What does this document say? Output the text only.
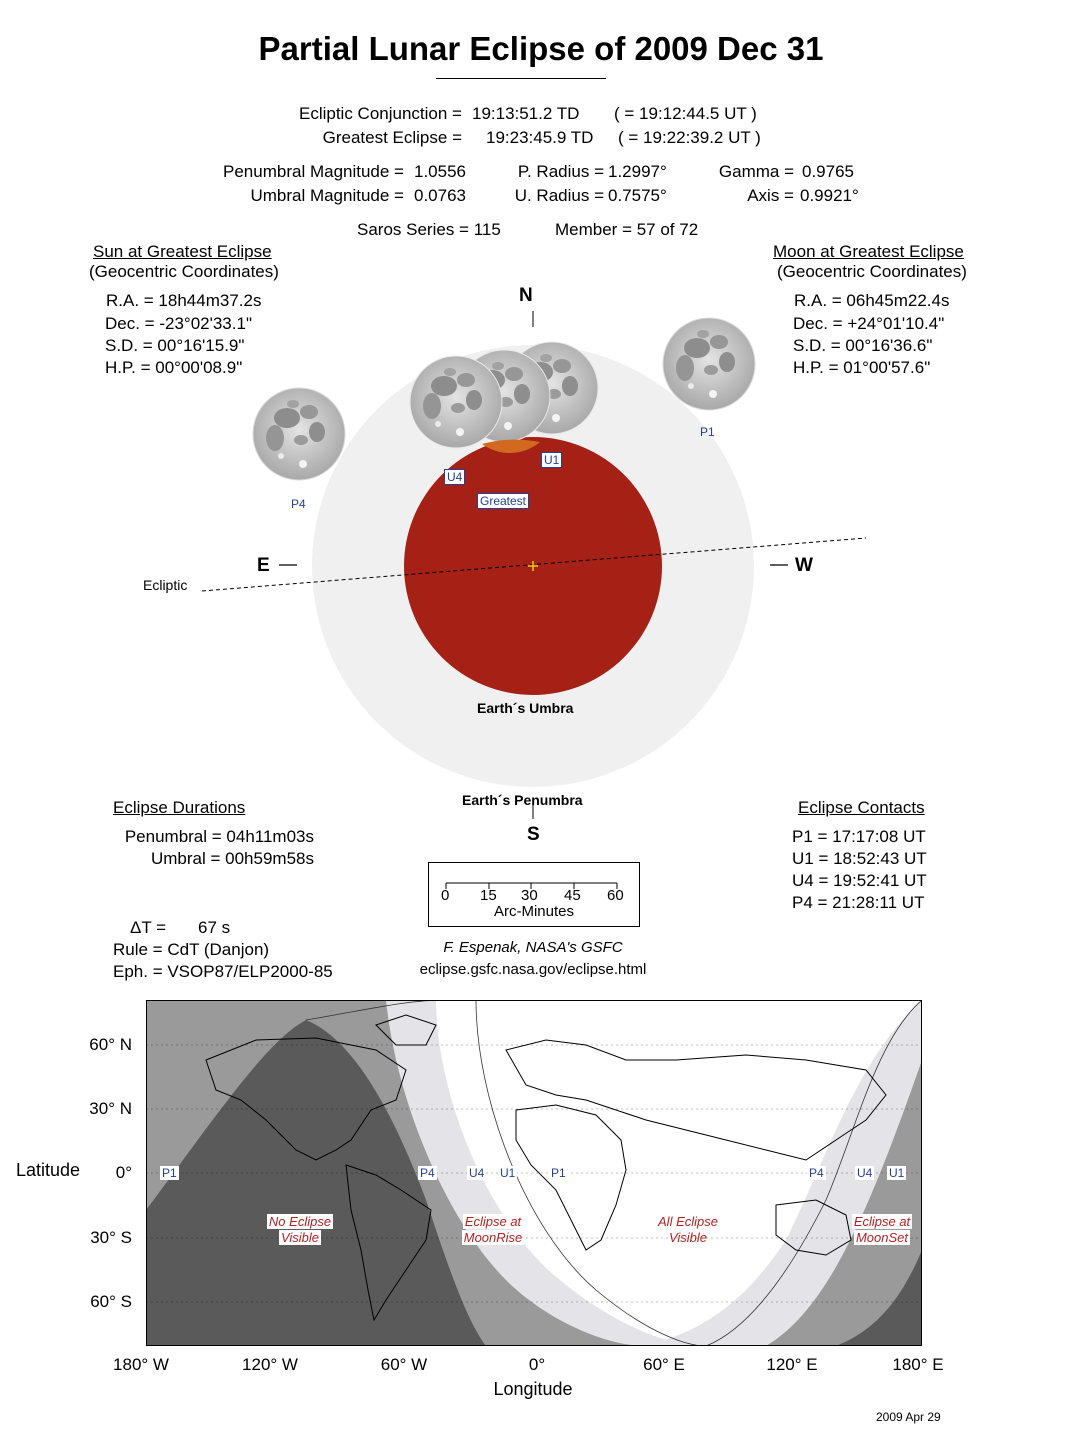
Partial Lunar Eclipse of 2009 Dec 31
Ecliptic Conjunction = 19:13:51.2 TD ( = 19:12:44.5 UT )
Greatest Eclipse = 19:23:45.9 TD ( = 19:22:39.2 UT )
Penumbral Magnitude = 1.0556
Umbral Magnitude = 0.0763
P. Radius = 1.2997°
U. Radius = 0.7575°
Gamma = 0.9765
Axis = 0.9921°
Saros Series = 115	Member = 57 of 72
Sun at Greatest Eclipse
(Geocentric Coordinates)
R.A. = 18h44m37.2s
Dec. = -23°02'33.1"
S.D. = 00°16'15.9"
H.P. = 00°00'08.9"
Moon at Greatest Eclipse
(Geocentric Coordinates)
R.A. = 06h45m22.4s
Dec. = +24°01'10.4"
S.D. = 00°16'36.6"
H.P. = 01°00'57.6"
N
S
E	W
Ecliptic
Earth´s Umbra
Earth´s Penumbra
P1
P4
U1
U4
Greatest
Eclipse Durations
Penumbral = 04h11m03s
Umbral = 00h59m58s
Eclipse Contacts
P1 = 17:17:08 UT
U1 = 18:52:43 UT
U4 = 19:52:41 UT
P4 = 21:28:11 UT
0 15 30 45 60
Arc-Minutes
F. Espenak, NASA's GSFC
eclipse.gsfc.nasa.gov/eclipse.html
ΔT = 67 s
Rule = CdT (Danjon)
Eph. = VSOP87/ELP2000-85
P1	P4	U4 U1	P1	P4	U4 U1
No Eclipse
Visible
Eclipse at
MoonRise
All Eclipse
Visible
Eclipse at
MoonSet
60° N
30° N
0°
30° S
60° S
Latitude
180° W	120° W	60° W	0°	60° E	120° E	180° E
Longitude
2009 Apr 29
